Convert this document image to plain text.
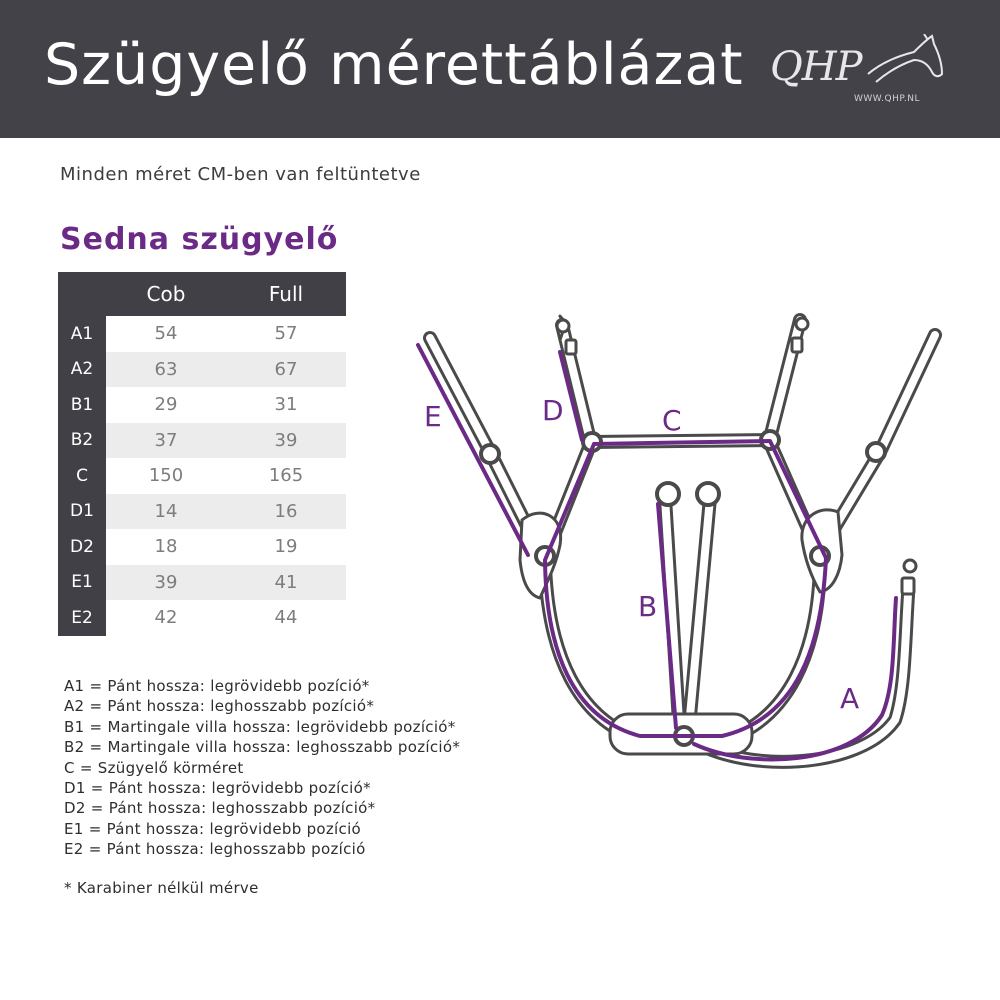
Szügyelő mérettáblázat QHP
WWW.QHP.NL
Minden méret CM-ben van feltüntetve
Sedna szügyelő
	Cob	Full
A1	54	57
A2	63	67
B1	29	31
B2	37	39
C	150	165
D1	14	16
D2	18	19
E1	39	41
E2	42	44
A1 = Pánt hossza: legrövidebb pozíció*
A2 = Pánt hossza: leghosszabb pozíció*
B1 = Martingale villa hossza: legrövidebb pozíció*
B2 = Martingale villa hossza: leghosszabb pozíció*
C = Szügyelő körméret
D1 = Pánt hossza: legrövidebb pozíció*
D2 = Pánt hossza: leghosszabb pozíció*
E1 = Pánt hossza: legrövidebb pozíció
E2 = Pánt hossza: leghosszabb pozíció
* Karabiner nélkül mérve
E	D	C
B
A
